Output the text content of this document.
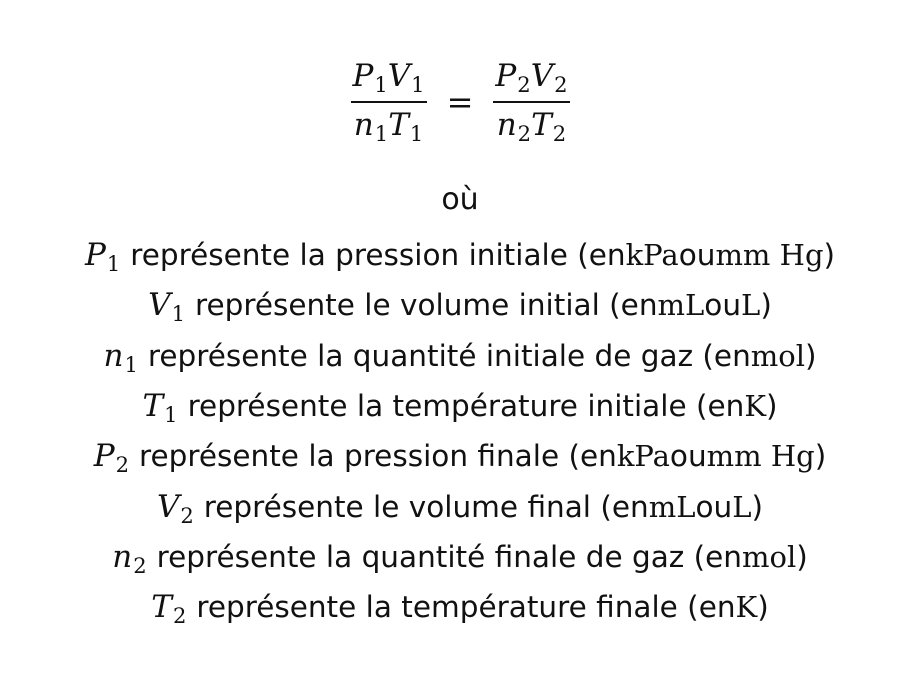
$\frac{P1V1}{n1T1} = \frac{P2V2}{n2T2}$
où
P1 représente la pression initiale (en kPa ou mm Hg )
V1 représente le volume initial (en mL ou L )
n1 représente la quantité initiale de gaz (en mol )
T1 représente la température initiale (en K )
P2 représente la pression finale (en kPa ou mm Hg )
V2 représente le volume final (en mL ou L )
n2 représente la quantité finale de gaz (en mol )
T2 représente la température finale (en K )
